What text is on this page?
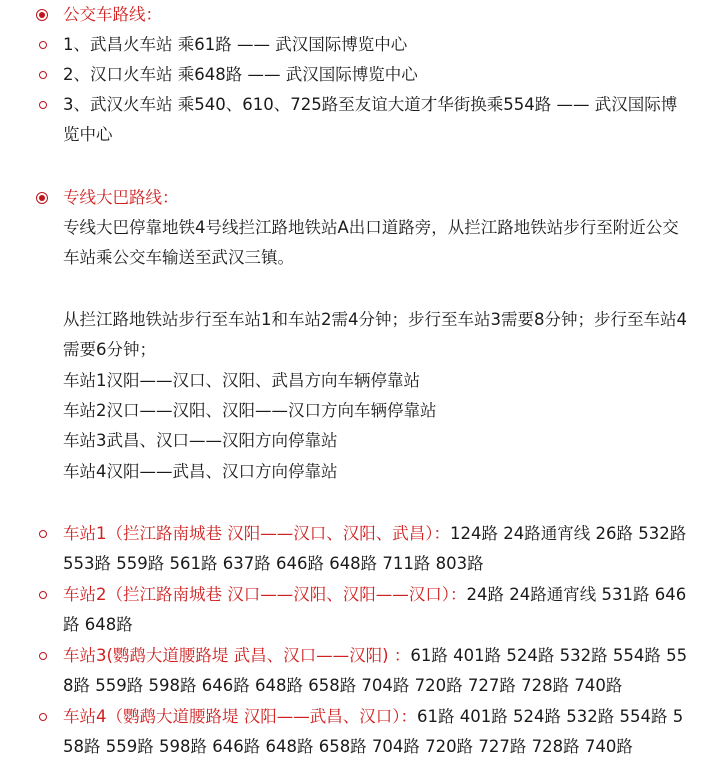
公交车路线：
1、武昌火车站 乘61路 —— 武汉国际博览中心
2、汉口火车站 乘648路 —— 武汉国际博览中心
3、武汉火车站 乘540、610、725路至友谊大道才华街换乘554路 —— 武汉国际博览中心
专线大巴路线：
专线大巴停靠地铁4号线拦江路地铁站A出口道路旁，从拦江路地铁站步行至附近公交车站乘公交车输送至武汉三镇。
从拦江路地铁站步行至车站1和车站2需4分钟；步行至车站3需要8分钟；步行至车站4需要6分钟；
车站1汉阳——汉口、汉阳、武昌方向车辆停靠站
车站2汉口——汉阳、汉阳——汉口方向车辆停靠站
车站3武昌、汉口——汉阳方向停靠站
车站4汉阳——武昌、汉口方向停靠站
车站1（拦江路南城巷 汉阳——汉口、汉阳、武昌）：124路 24路通宵线 26路 532路 553路 559路 561路 637路 646路 648路 711路 803路
车站2（拦江路南城巷 汉口——汉阳、汉阳——汉口）：24路 24路通宵线 531路 646路 648路
车站3(鹦鹉大道腰路堤 武昌、汉口——汉阳) ：61路 401路 524路 532路 554路 558路 559路 598路 646路 648路 658路 704路 720路 727路 728路 740路
车站4（鹦鹉大道腰路堤 汉阳——武昌、汉口）：61路 401路 524路 532路 554路 558路 559路 598路 646路 648路 658路 704路 720路 727路 728路 740路
